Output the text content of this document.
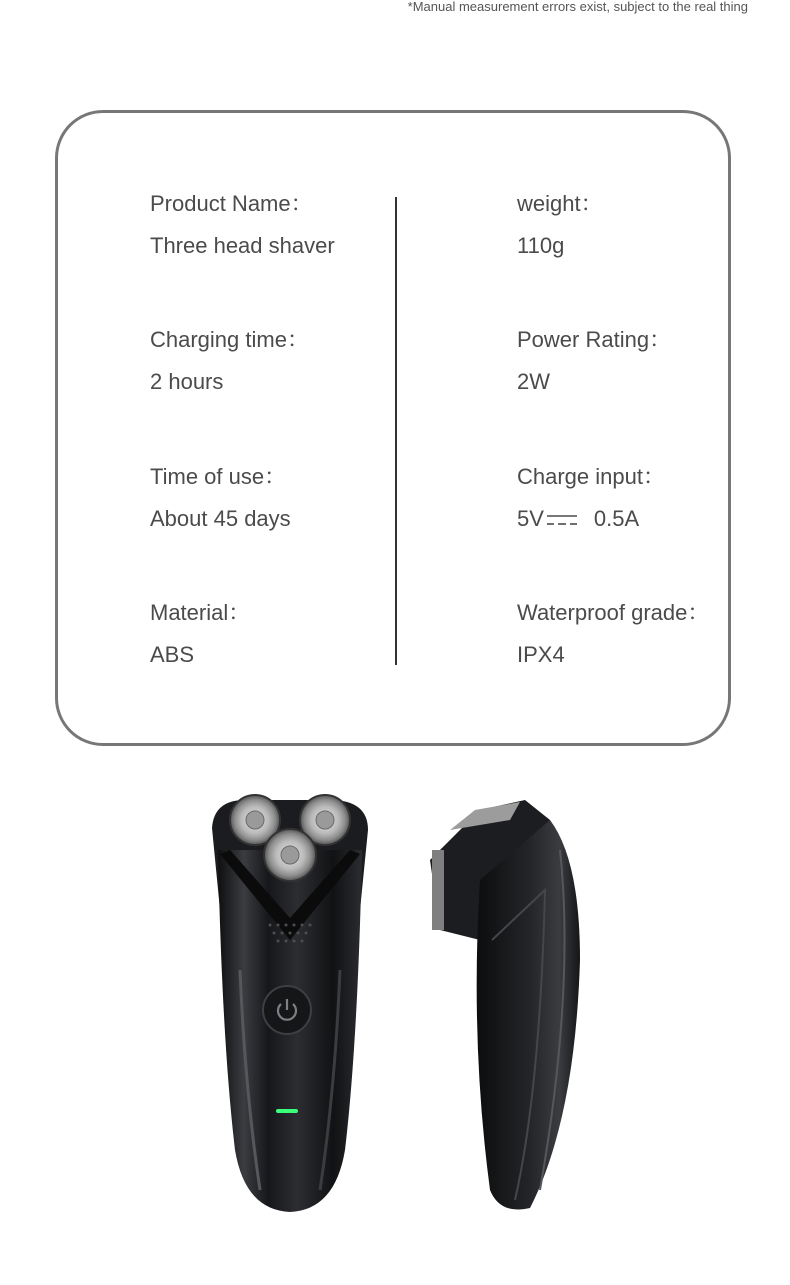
*Manual measurement errors exist, subject to the real thing
Product Name：
Three head shaver
Charging time：
2 hours
Time of use：
About 45 days
Material：
ABS
weight：
110g
Power Rating：
2W
Charge input：
5V 0.5A
Waterproof grade：
IPX4
